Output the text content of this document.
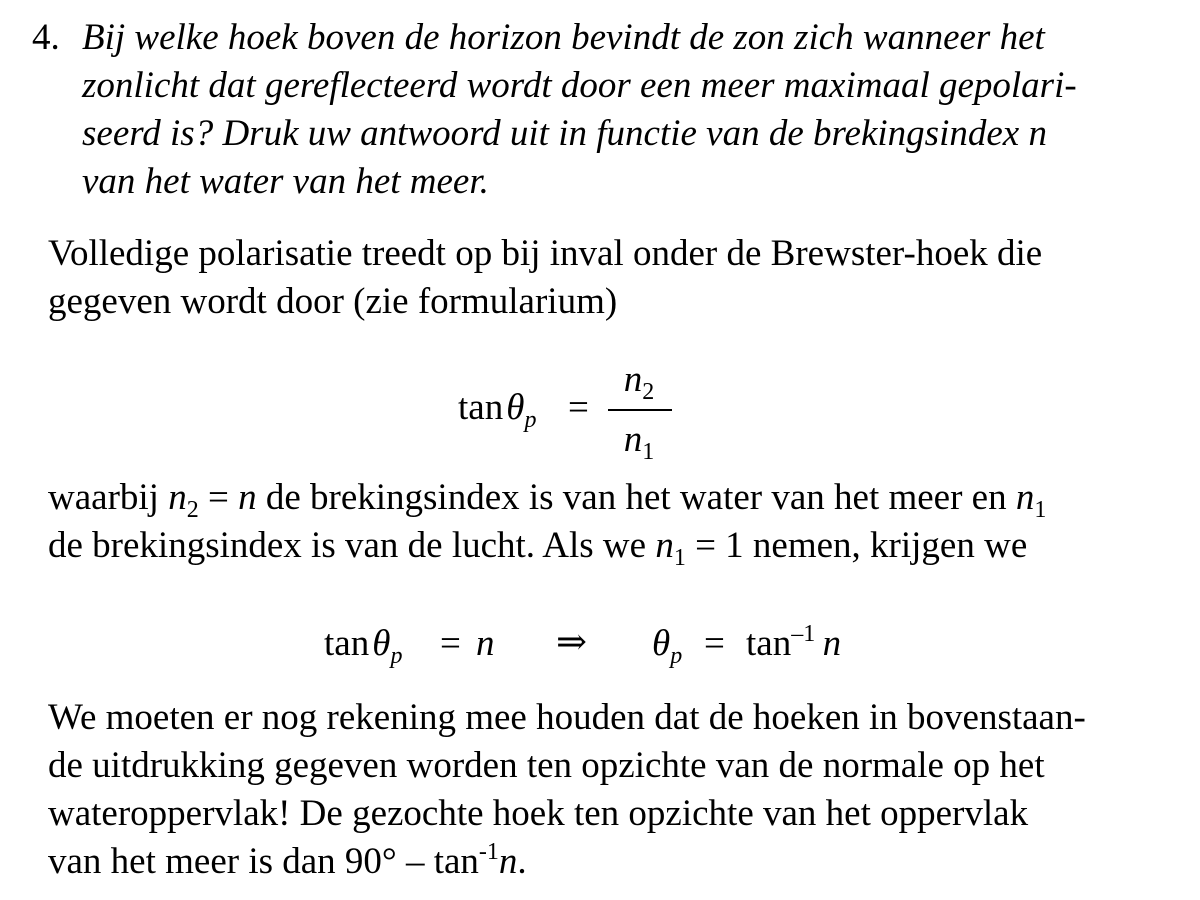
4. Bij welke hoek boven de horizon bevindt de zon zich wanneer het
zonlicht dat gereflecteerd wordt door een meer maximaal gepolari-
seerd is? Druk uw antwoord uit in functie van de brekingsindex n
van het water van het meer.
Volledige polarisatie treedt op bij inval onder de Brewster-hoek die
gegeven wordt door (zie formularium)
tan $\theta_p$ =
$n_2$
$n_1$
waarbij $n_2 = n$ de brekingsindex is van het water van het meer en $n_1$
de brekingsindex is van de lucht. Als we $n_1 = 1$ nemen, krijgen we
tan $\theta_p = n$ ⇒ $\theta_p = \tan^{-1} n$
We moeten er nog rekening mee houden dat de hoeken in bovenstaan-
de uitdrukking gegeven worden ten opzichte van de normale op het
wateroppervlak! De gezochte hoek ten opzichte van het oppervlak
van het meer is dan $90^\circ - \tan^{-1}n$.
